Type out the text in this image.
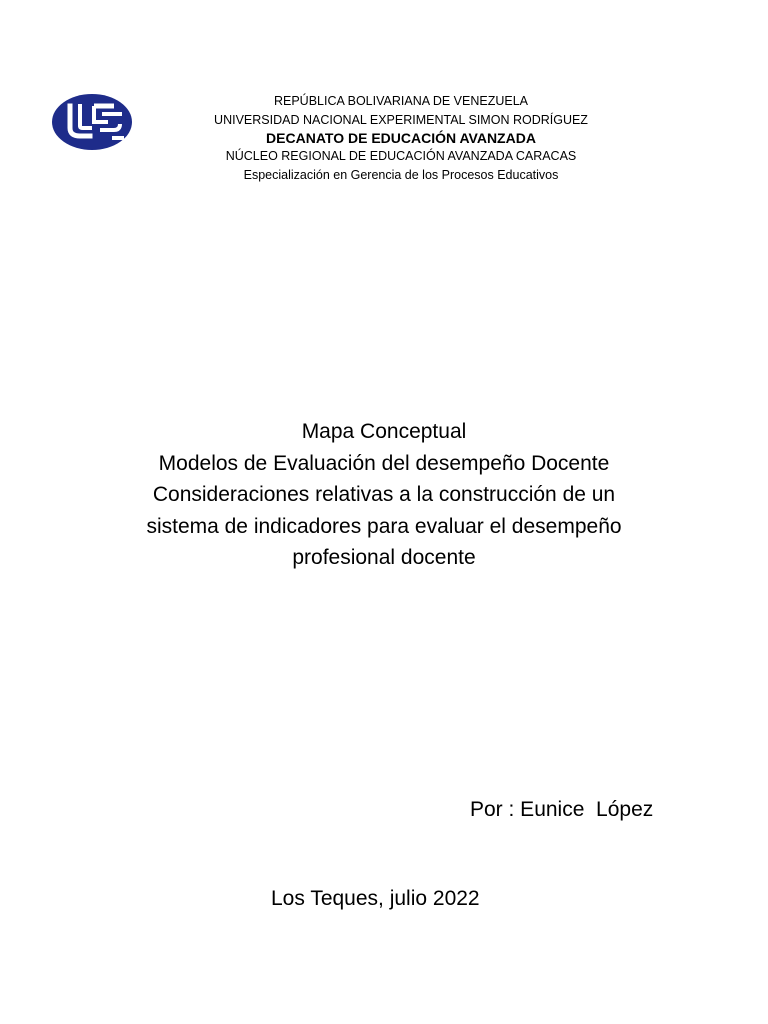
REPÚBLICA BOLIVARIANA DE VENEZUELA
UNIVERSIDAD NACIONAL EXPERIMENTAL SIMON RODRÍGUEZ
DECANATO DE EDUCACIÓN AVANZADA
NÚCLEO REGIONAL DE EDUCACIÓN AVANZADA CARACAS
Especialización en Gerencia de los Procesos Educativos
Mapa Conceptual
Modelos de Evaluación del desempeño Docente
Consideraciones relativas a la construcción de un
sistema de indicadores para evaluar el desempeño
profesional docente
Por : Eunice  López
Los Teques, julio 2022
